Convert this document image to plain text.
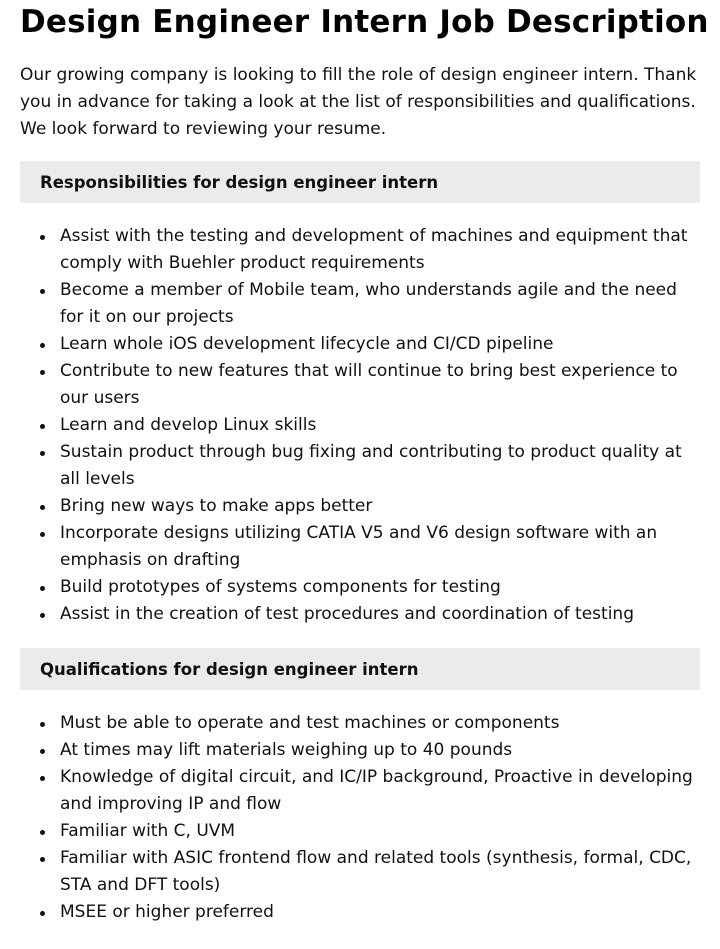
Design Engineer Intern Job Description

Our growing company is looking to fill the role of design engineer intern. Thank you in advance for taking a look at the list of responsibilities and qualifications. We look forward to reviewing your resume.

Responsibilities for design engineer intern
Assist with the testing and development of machines and equipment that comply with Buehler product requirements
Become a member of Mobile team, who understands agile and the need for it on our projects
Learn whole iOS development lifecycle and CI/CD pipeline
Contribute to new features that will continue to bring best experience to our users
Learn and develop Linux skills
Sustain product through bug fixing and contributing to product quality at all levels
Bring new ways to make apps better
Incorporate designs utilizing CATIA V5 and V6 design software with an emphasis on drafting
Build prototypes of systems components for testing
Assist in the creation of test procedures and coordination of testing
Qualifications for design engineer intern
Must be able to operate and test machines or components
At times may lift materials weighing up to 40 pounds
Knowledge of digital circuit, and IC/IP background, Proactive in developing and improving IP and flow
Familiar with C, UVM
Familiar with ASIC frontend flow and related tools (synthesis, formal, CDC, STA and DFT tools)
MSEE or higher preferred
